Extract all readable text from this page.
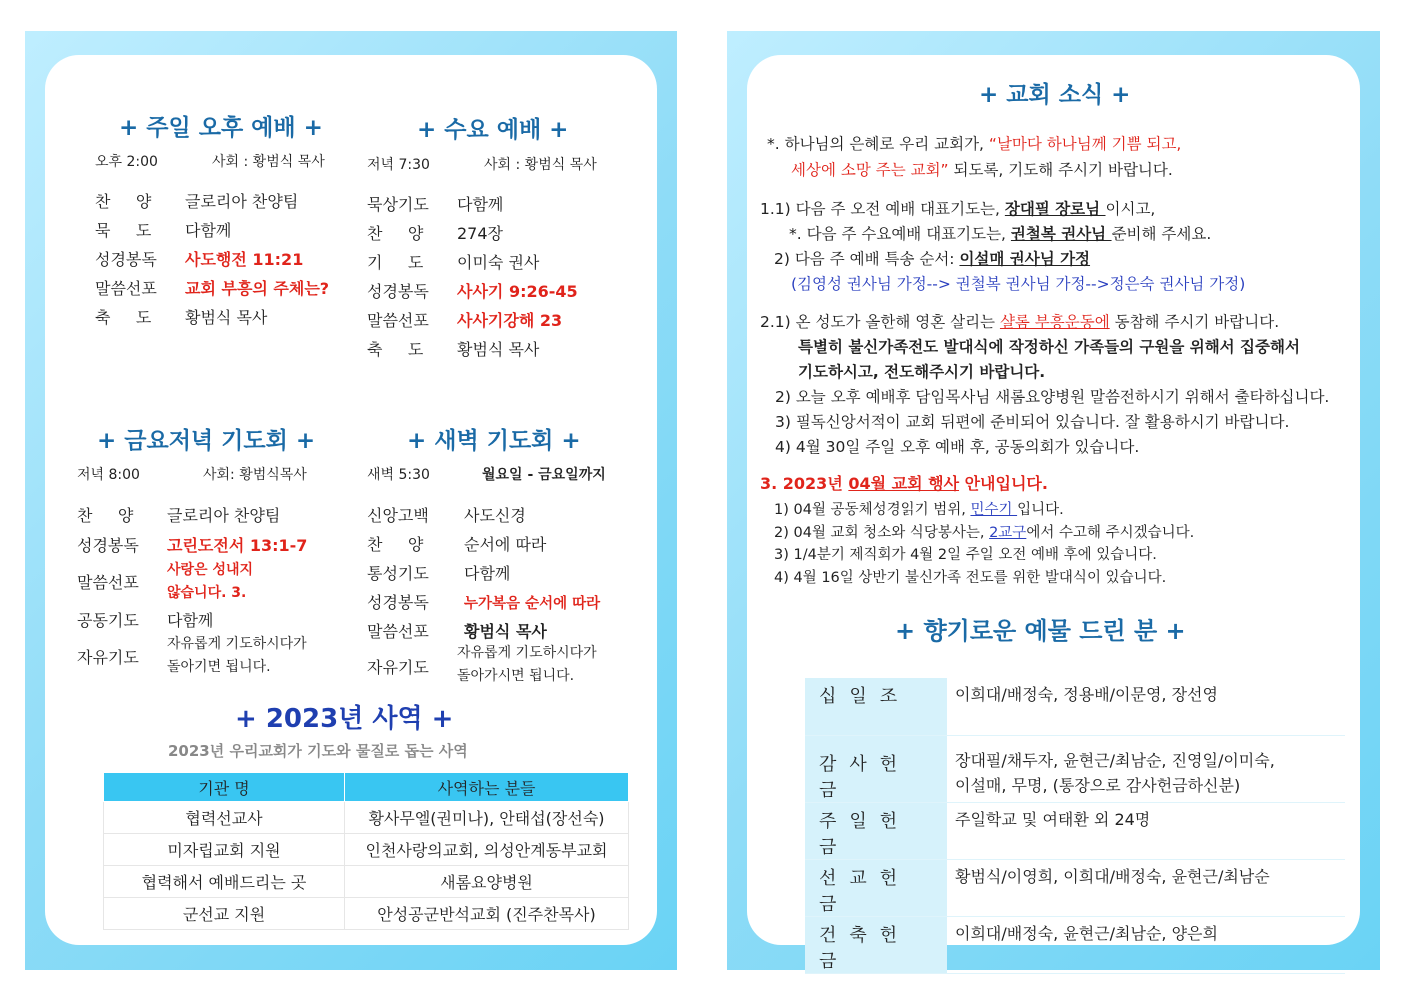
+ 주일 오후 예배 +
오후 2:00	사회 : 황범식 목사
찬     양 글로리아 찬양팀
묵     도 다함께
성경봉독 사도행전 11:21
말씀선포 교회 부흥의 주체는?
축     도 황범식 목사
+ 수요 예배 +
저녁 7:30	사회 : 황범식 목사
묵상기도 다함께
찬     양 274장
기     도 이미숙 권사
성경봉독 사사기 9:26-45
말씀선포 사사기강해 23
축     도 황범식 목사
+ 금요저녁 기도회 +
저녁 8:00	사회: 황범식목사
찬     양 글로리아 찬양팀
성경봉독 고린도전서 13:1-7
말씀선포
사랑은 성내지
않습니다. 3.
공동기도 다함께
자유기도
자유롭게 기도하시다가
돌아기면 됩니다.
+ 새벽 기도회 +
새벽 5:30	월요일 - 금요일까지
신앙고백 사도신경
찬     양	순서에 따라
통성기도 다함께
성경봉독 누가복음 순서에 따라
말씀선포 황범식 목사
자유기도
자유롭게 기도하시다가
돌아가시면 됩니다.
+ 2023년 사역 +
2023년 우리교회가 기도와 물질로 돕는 사역
기관 명	사역하는 분들
협력선교사	황사무엘(권미나), 안태섭(장선숙)
미자립교회 지원	인천사랑의교회, 의성안계동부교회
협력해서 예배드리는 곳	새롬요양병원
군선교 지원	안성공군반석교회 (진주찬목사)
+ 교회 소식 +
*. 하나님의 은혜로 우리 교회가, “날마다 하나님께 기쁨 되고,
세상에 소망 주는 교회” 되도록, 기도해 주시기 바랍니다.
1.1) 다음 주 오전 예배 대표기도는, 장대필 장로님 이시고,
*. 다음 주 수요예배 대표기도는, 권철복 권사님 준비해 주세요.
2) 다음 주 예배 특송 순서: 이설매 권사님 가정
(김영성 권사님 가정--> 권철복 권사님 가정-->정은숙 권사님 가정)
2.1) 온 성도가 올한해 영혼 살리는 샬롬 부흥운동에 동참해 주시기 바랍니다.
특별히 불신가족전도 발대식에 작정하신 가족들의 구원을 위해서 집중해서
기도하시고, 전도해주시기 바랍니다.
2) 오늘 오후 예배후 담임목사님 새롬요양병원 말씀전하시기 위해서 출타하십니다.
3) 필독신앙서적이 교회 뒤편에 준비되어 있습니다. 잘 활용하시기 바랍니다.
4) 4월 30일 주일 오후 예배 후, 공동의회가 있습니다.
3. 2023년 04월 교회 행사 안내입니다.
1) 04월 공동체성경읽기 범위, 민수기 입니다.
2) 04월 교회 청소와 식당봉사는, 2교구에서 수고해 주시겠습니다.
3) 1/4분기 제직회가 4월 2일 주일 오전 예배 후에 있습니다.
4) 4월 16일 상반기 불신가족 전도를 위한 발대식이 있습니다.
+ 향기로운 예물 드린 분 +
십일조	이희대/배정숙, 정용배/이문영, 장선영

감사헌금	장대필/채두자, 윤현근/최남순, 진영일/이미숙,
이설매, 무명, (통장으로 감사헌금하신분)

주일헌금	주일학교 및 여태환 외 24명

선교헌금	황범식/이영희, 이희대/배정숙, 윤현근/최남순

건축헌금	이희대/배정숙, 윤현근/최남순, 양은희
